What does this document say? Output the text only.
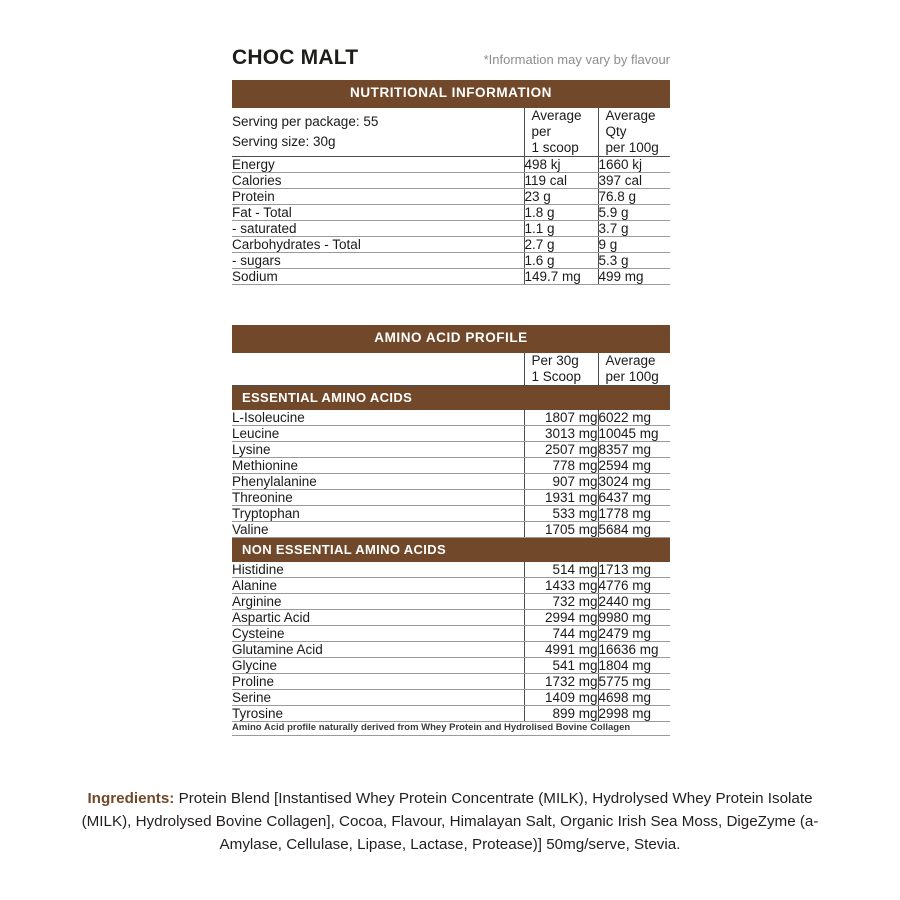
CHOC MALT	*Information may vary by flavour
NUTRITIONAL INFORMATION
Serving per package: 55
Serving size: 30g

Average
per
1 scoop

Average
Qty
per 100g

Energy	498 kj	1660 kj
Calories	119 cal	397 cal
Protein	23 g	76.8 g
Fat - Total	1.8 g	5.9 g
- saturated	1.1 g	3.7 g
Carbohydrates - Total	2.7 g	9 g
- sugars	1.6 g	5.3 g
Sodium	149.7 mg	499 mg
AMINO ACID PROFILE

Per 30g
1 Scoop

Average
per 100g

ESSENTIAL AMINO ACIDS		

L-Isoleucine	1807 mg	6022 mg
Leucine	3013 mg	10045 mg
Lysine	2507 mg	8357 mg
Methionine	778 mg	2594 mg
Phenylalanine	907 mg	3024 mg
Threonine	1931 mg	6437 mg
Tryptophan	533 mg	1778 mg
Valine	1705 mg	5684 mg

NON ESSENTIAL AMINO ACIDS		

Histidine	514 mg	1713 mg
Alanine	1433 mg	4776 mg
Arginine	732 mg	2440 mg
Aspartic Acid	2994 mg	9980 mg
Cysteine	744 mg	2479 mg
Glutamine Acid	4991 mg	16636 mg
Glycine	541 mg	1804 mg
Proline	1732 mg	5775 mg
Serine	1409 mg	4698 mg
Tyrosine	899 mg	2998 mg
Amino Acid profile naturally derived from Whey Protein and Hydrolised Bovine Collagen		
Ingredients: Protein Blend [Instantised Whey Protein Concentrate (MILK), Hydrolysed Whey Protein Isolate (MILK), Hydrolysed Bovine Collagen], Cocoa, Flavour, Himalayan Salt, Organic Irish Sea Moss, DigeZyme (a-Amylase, Cellulase, Lipase, Lactase, Protease)] 50mg/serve, Stevia.
